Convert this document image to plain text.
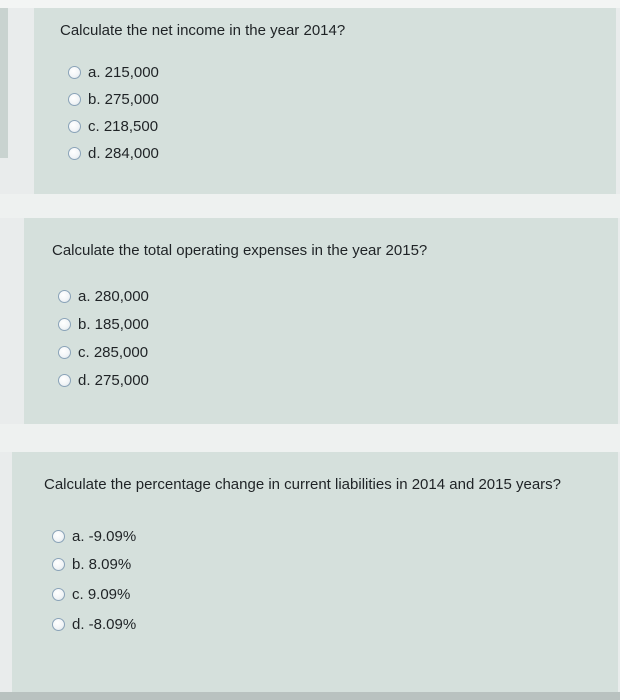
Calculate the net income in the year 2014?
a. 215,000
b. 275,000
c. 218,500
d. 284,000
Calculate the total operating expenses in the year 2015?
a. 280,000
b. 185,000
c. 285,000
d. 275,000
Calculate the percentage change in current liabilities in 2014 and 2015 years?
a. -9.09%
b. 8.09%
c. 9.09%
d. -8.09%
